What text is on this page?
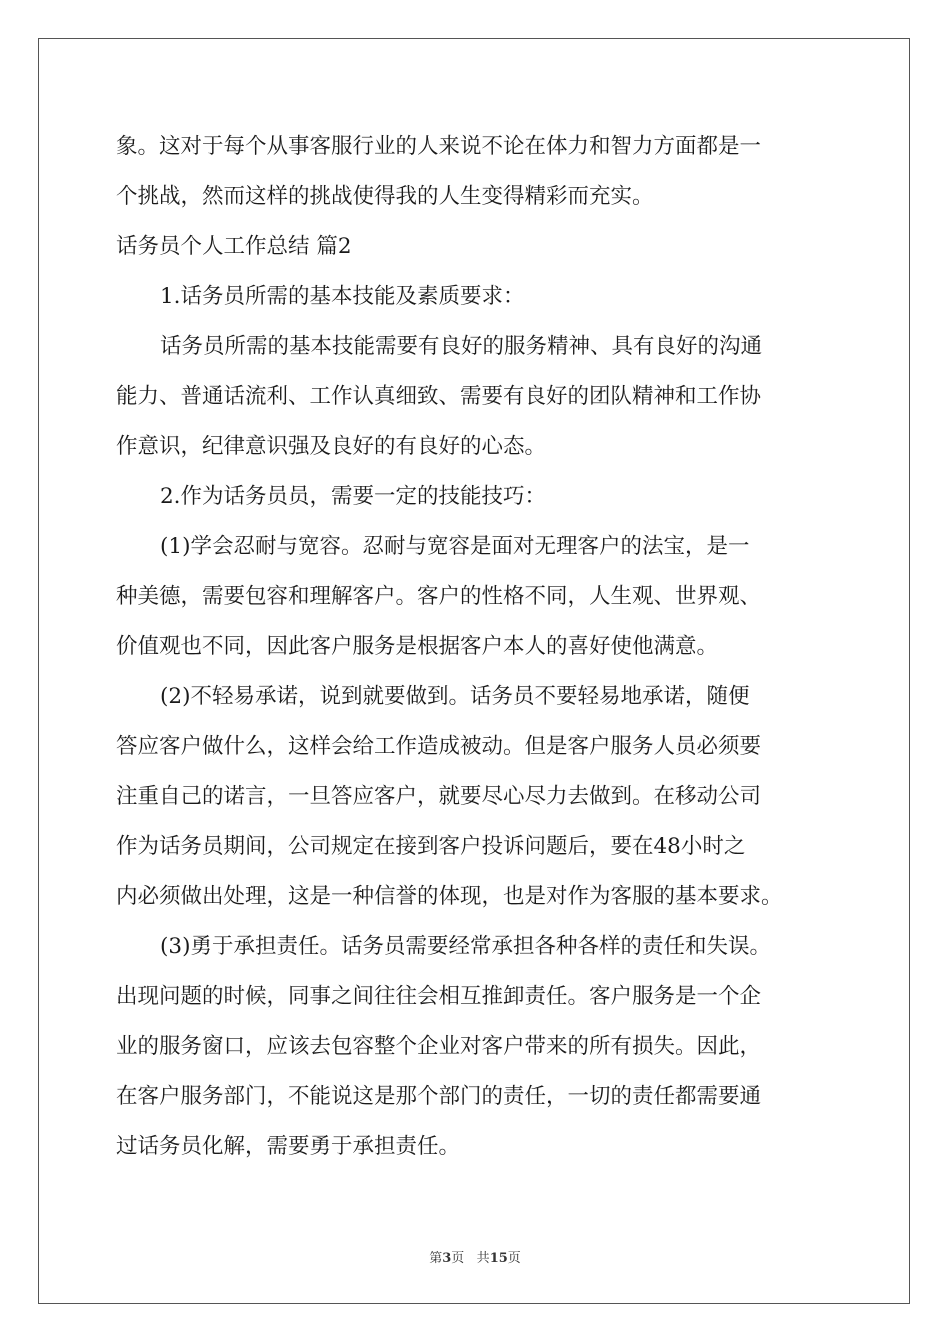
象。这对于每个从事客服行业的人来说不论在体力和智力方面都是一

个挑战，然而这样的挑战使得我的人生变得精彩而充实。

话务员个人工作总结 篇2

1.话务员所需的基本技能及素质要求：

话务员所需的基本技能需要有良好的服务精神、具有良好的沟通

能力、普通话流利、工作认真细致、需要有良好的团队精神和工作协

作意识，纪律意识强及良好的有良好的心态。

2.作为话务员员，需要一定的技能技巧：

(1)学会忍耐与宽容。忍耐与宽容是面对无理客户的法宝，是一

种美德，需要包容和理解客户。客户的性格不同，人生观、世界观、

价值观也不同，因此客户服务是根据客户本人的喜好使他满意。

(2)不轻易承诺，说到就要做到。话务员不要轻易地承诺，随便

答应客户做什么，这样会给工作造成被动。但是客户服务人员必须要

注重自己的诺言，一旦答应客户，就要尽心尽力去做到。在移动公司

作为话务员期间，公司规定在接到客户投诉问题后，要在48小时之

内必须做出处理，这是一种信誉的体现，也是对作为客服的基本要求。

(3)勇于承担责任。话务员需要经常承担各种各样的责任和失误。

出现问题的时候，同事之间往往会相互推卸责任。客户服务是一个企

业的服务窗口，应该去包容整个企业对客户带来的所有损失。因此，

在客户服务部门，不能说这是那个部门的责任，一切的责任都需要通

过话务员化解，需要勇于承担责任。

第3页 共15页
